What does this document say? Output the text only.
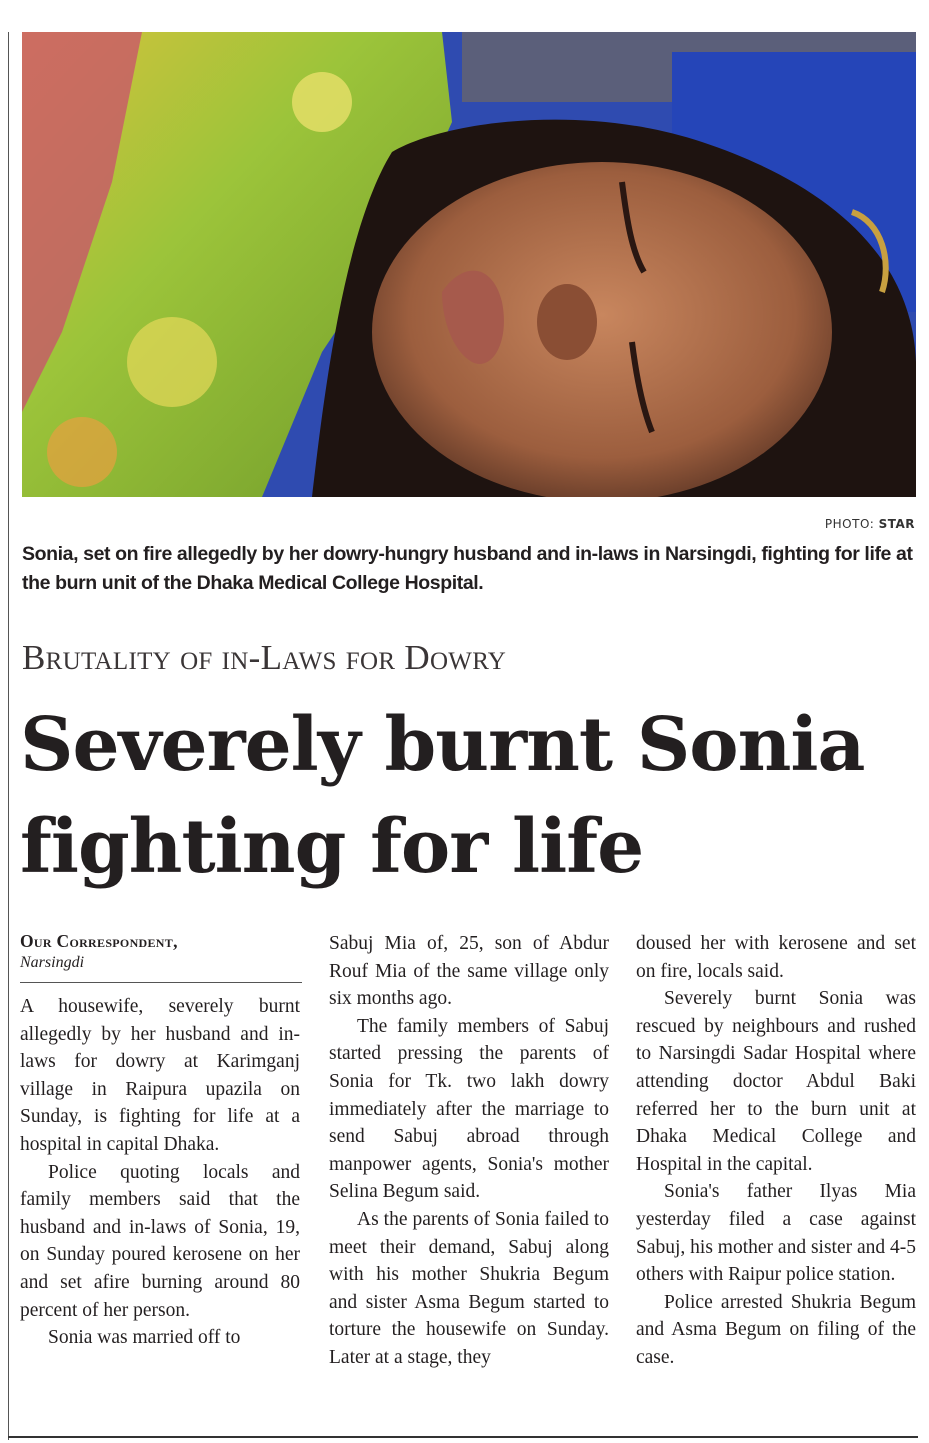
PHOTO: STAR
Sonia, set on fire allegedly by her dowry-hungry husband and in-laws in Narsingdi, fighting for life at the burn unit of the Dhaka Medical College Hospital.
Brutality of in-Laws for Dowry
Severely burnt Sonia fighting for life
Our Correspondent,
Narsingdi

A housewife, severely burnt allegedly by her husband and in-laws for dowry at Karimganj village in Raipura upazila on Sunday, is fighting for life at a hospital in capital Dhaka.

Police quoting locals and family members said that the husband and in-laws of Sonia, 19, on Sunday poured kerosene on her and set afire burning around 80 percent of her person.

Sonia was married off to

Sabuj Mia of, 25, son of Abdur Rouf Mia of the same village only six months ago.

The family members of Sabuj started pressing the parents of Sonia for Tk. two lakh dowry immediately after the marriage to send Sabuj abroad through manpower agents, Sonia's mother Selina Begum said.

As the parents of Sonia failed to meet their demand, Sabuj along with his mother Shukria Begum and sister Asma Begum started to torture the housewife on Sunday. Later at a stage, they

doused her with kerosene and set on fire, locals said.

Severely burnt Sonia was rescued by neighbours and rushed to Narsingdi Sadar Hospital where attending doctor Abdul Baki referred her to the burn unit at Dhaka Medical College and Hospital in the capital.

Sonia's father Ilyas Mia yesterday filed a case against Sabuj, his mother and sister and 4-5 others with Raipur police station.

Police arrested Shukria Begum and Asma Begum on filing of the case.
